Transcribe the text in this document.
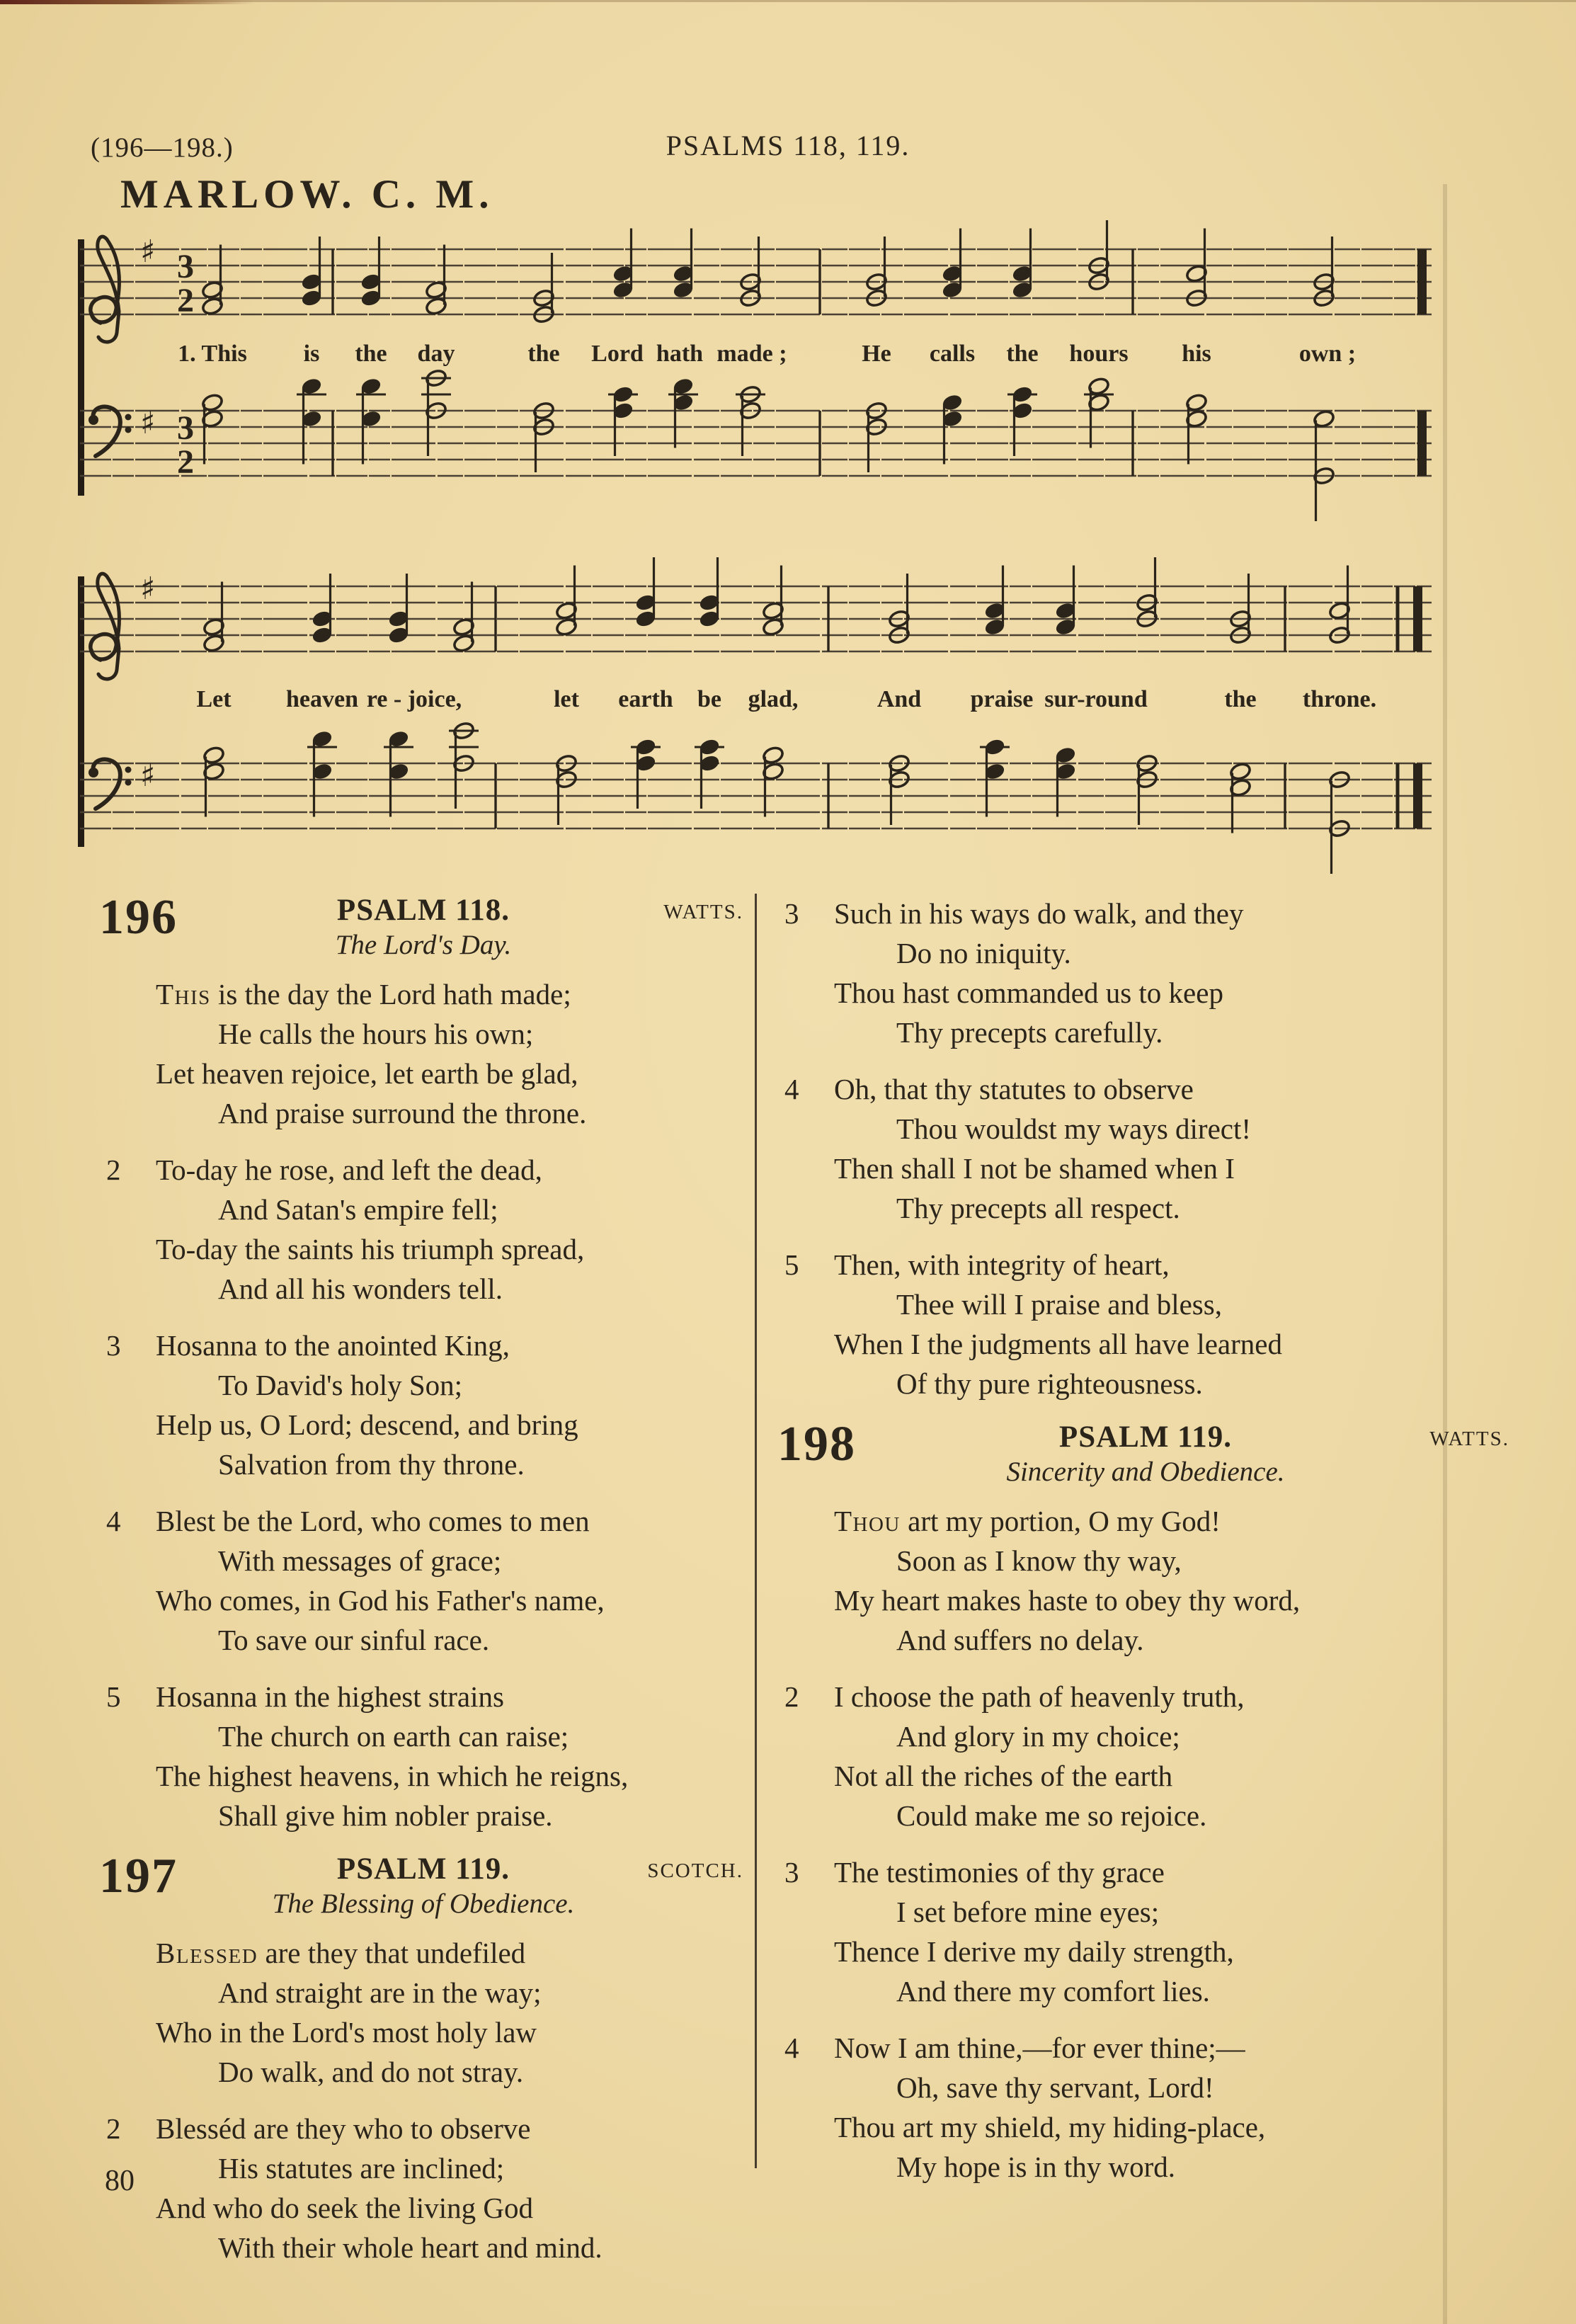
(196—198.)	PSALMS 118, 119.
MARLOW. C. M.
♯ 3
2
♯ 3
2
1. This is the day	the Lord hath made ;	He calls the hours his	own ;
♯
♯
Let heaven re - joice,	let earth be glad,	And praise sur-round	the throne.
196	PSALM 118.	WATTS.
The Lord's Day.
This is the day the Lord hath made;
He calls the hours his own;
Let heaven rejoice, let earth be glad,
And praise surround the throne.
2 To-day he rose, and left the dead,
And Satan's empire fell;
To-day the saints his triumph spread,
And all his wonders tell.
3 Hosanna to the anointed King,
To David's holy Son;
Help us, O Lord; descend, and bring
Salvation from thy throne.
4 Blest be the Lord, who comes to men
With messages of grace;
Who comes, in God his Father's name,
To save our sinful race.
5 Hosanna in the highest strains
The church on earth can raise;
The highest heavens, in which he reigns,
Shall give him nobler praise.
197	PSALM 119.	SCOTCH.
The Blessing of Obedience.
Blessed are they that undefiled
And straight are in the way;
Who in the Lord's most holy law
Do walk, and do not stray.
2 Blesséd are they who to observe
His statutes are inclined;
And who do seek the living God
With their whole heart and mind.
3 Such in his ways do walk, and they
Do no iniquity.
Thou hast commanded us to keep
Thy precepts carefully.
4 Oh, that thy statutes to observe
Thou wouldst my ways direct!
Then shall I not be shamed when I
Thy precepts all respect.
5 Then, with integrity of heart,
Thee will I praise and bless,
When I the judgments all have learned
Of thy pure righteousness.
198	PSALM 119.	WATTS.
Sincerity and Obedience.
Thou art my portion, O my God!
Soon as I know thy way,
My heart makes haste to obey thy word,
And suffers no delay.
2 I choose the path of heavenly truth,
And glory in my choice;
Not all the riches of the earth
Could make me so rejoice.
3 The testimonies of thy grace
I set before mine eyes;
Thence I derive my daily strength,
And there my comfort lies.
4 Now I am thine,—for ever thine;—
Oh, save thy servant, Lord!
Thou art my shield, my hiding-place,
My hope is in thy word.
80
